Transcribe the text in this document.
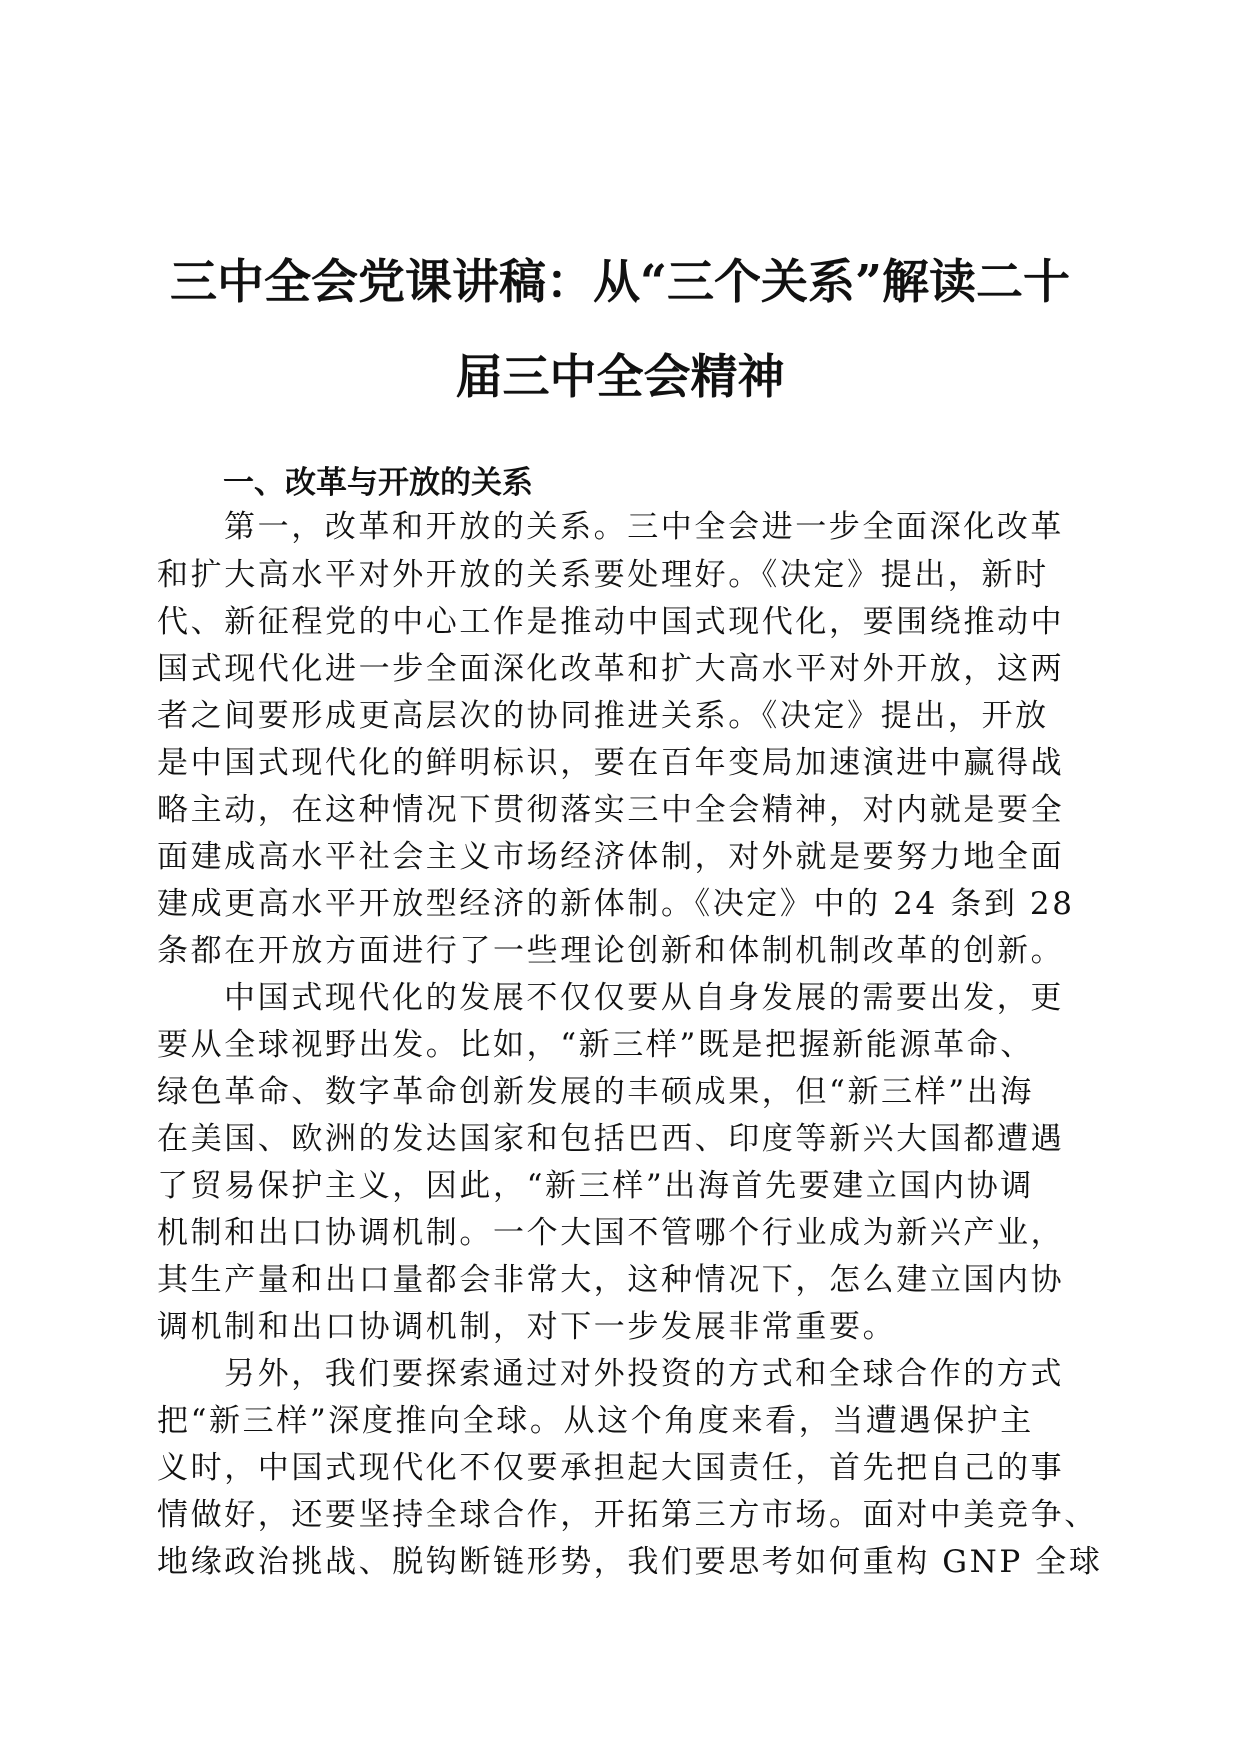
三中全会党课讲稿：从“三个关系”解读二十
届三中全会精神
一、改革与开放的关系

第一，改革和开放的关系。三中全会进一步全面深化改革

和扩大高水平对外开放的关系要处理好。《决定》提出，新时

代、新征程党的中心工作是推动中国式现代化，要围绕推动中

国式现代化进一步全面深化改革和扩大高水平对外开放，这两

者之间要形成更高层次的协同推进关系。《决定》提出，开放

是中国式现代化的鲜明标识，要在百年变局加速演进中赢得战

略主动，在这种情况下贯彻落实三中全会精神，对内就是要全

面建成高水平社会主义市场经济体制，对外就是要努力地全面

建成更高水平开放型经济的新体制。《决定》中的 24 条到 28

条都在开放方面进行了一些理论创新和体制机制改革的创新。

中国式现代化的发展不仅仅要从自身发展的需要出发，更

要从全球视野出发。比如，“新三样”既是把握新能源革命、

绿色革命、数字革命创新发展的丰硕成果，但“新三样”出海

在美国、欧洲的发达国家和包括巴西、印度等新兴大国都遭遇

了贸易保护主义，因此，“新三样”出海首先要建立国内协调

机制和出口协调机制。一个大国不管哪个行业成为新兴产业，

其生产量和出口量都会非常大，这种情况下，怎么建立国内协

调机制和出口协调机制，对下一步发展非常重要。

另外，我们要探索通过对外投资的方式和全球合作的方式

把“新三样”深度推向全球。从这个角度来看，当遭遇保护主

义时，中国式现代化不仅要承担起大国责任，首先把自己的事

情做好，还要坚持全球合作，开拓第三方市场。面对中美竞争、

地缘政治挑战、脱钩断链形势，我们要思考如何重构 GNP 全球
